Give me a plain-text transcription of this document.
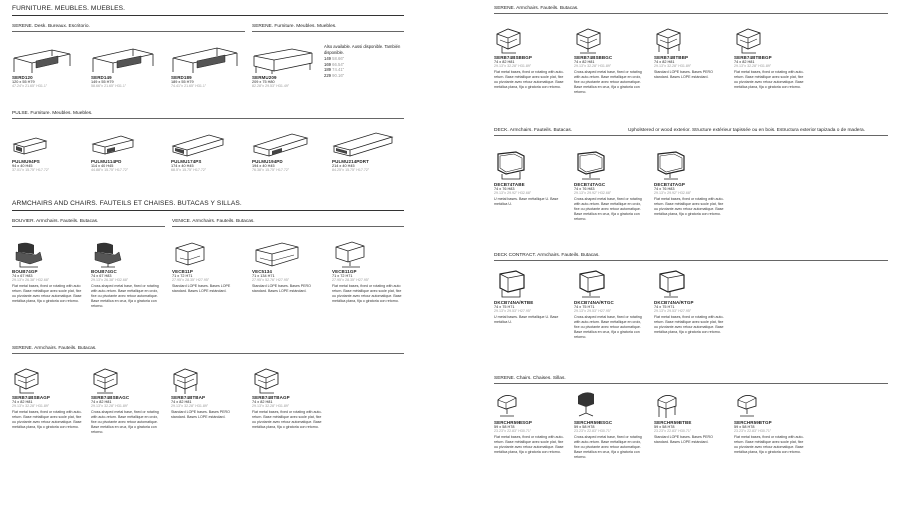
FURNITURE. MEUBLES. MUEBLES.
SERENE. Desk. Bureaux. Escritorio.	SERENE. Furniture. Meubles. Muebles.
SERD120
120 x 55 H79
47.24"x 21.65" H31.1"
SERD149
149 x 55 H79
58.66"x 21.65" H31.1"
SERD189
189 x 55 H79
74.41"x 21.65" H31.1"
SERMU209
209 x 75 H80
82.28"x 29.53" H31.49"
Also available. Aussi disponible. También disponible.
149 58.66"
169 66.54"
189 74.41"
229 90.16"
PULSE. Furniture. Meubles. Muebles.
PULMU94PS
94 x 40 H45
37.01"x 15.75" H17.72"
PULMU114PD
114 x 40 H45
44.88"x 15.75" H17.72"
PULMU174PS
174 x 40 H45
68.5"x 15.75" H17.72"
PULMU194PD
194 x 40 H45
76.38"x 15.75" H17.72"
PULMU214PDRT
214 x 40 H45
84.25"x 15.75" H17.72"
ARMCHAIRS AND CHAIRS. FAUTEILS ET CHAISES. BUTACAS Y SILLAS.
BOUVIER. Armchairs. Fauteils. Butacas.	VENICE. Armchairs. Fauteils. Butacas.
BOUB74GP
74 x 67 H83
29.13"x 26.38" H32.68"
Flat metal bases, fixed or rotating with auto return. Base métallique avec socle plat, fixe ou pivotante avec retour automatique. Base metálica plana, fija o giratoria con retorno.
BOUB74GC
74 x 67 H83
29.13"x 26.38" H32.68"
Cross-shaped metal base, fixed or rotating with auto-return. Base métallique en croix, fixe ou pivotante avec retour automatique. Base metálica en cruz, fija o giratoria con retorno.
VECB11P
71 x 72 H71
27.95"x 28.35" H27.95"
Standard LOPE bases. Bases LOPE standard. Bases LOPE estándard.
VEC5134
71 x 134 H71
27.95"x 52.76" H27.95"
Standard LOPE bases. Bases PERO standard. Bases LOPE estándard.
VECB11GP
71 x 72 H71
27.95"x 28.35" H27.95"
Flat metal bases, fixed or rotating with auto return. Base métallique avec socle plat, fixe ou pivotante avec retour automatique. Base metálica plana, fija o giratoria con retorno.
SERENE. Armchairs. Fauteils. Butacas.
SERB74BSBAGP
74 x 82 H81
29.13"x 32.28" H31.89"
Flat metal bases, fixed or rotating with auto-return. Base métallique avec socle plat, fixe ou pivotante avec retour automatique. Base metálica plana, fija o giratoria con retorno.
SERB74BSBAGC
74 x 82 H81
29.13"x 32.28" H31.89"
Cross-shaped metal base, fixed or rotating with auto-return. Base métallique en croix, fixe ou pivotante avec retour automatique. Base metálica en cruz, fija o giratoria con retorno.
SERB74BTBAP
74 x 82 H81
29.13"x 32.28" H31.89"
Standard LOPE bases. Bases PERO standard. Bases LOPE estándard.
SERB74BTBAGP
74 x 82 H81
29.13"x 32.28" H31.89"
Flat metal bases, fixed or rotating with auto-return. Base métallique avec socle plat, fixe ou pivotante avec retour automatique. Base metálica plana, fija o giratoria con retorno.
SERENE. Armchairs. Fauteils. Butacas.
SERB74BSBBGP
74 x 82 H81
29.13"x 32.28" H31.89"
Flat metal bases, fixed or rotating with auto-return. Base métallique avec socle plat, fixe ou pivotante avec retour automatique. Base metálica plana, fija o giratoria con retorno.
SERB74BSBBGC
74 x 82 H81
29.13"x 32.28" H31.89"
Cross-shaped metal base, fixed or rotating with auto-return. Base métallique en croix, fixe ou pivotante avec retour automatique. Base metálica en cruz, fija o giratoria con retorno.
SERB74BTBBP
74 x 82 H81
29.13"x 32.28" H31.89"
Standard LOPE bases. Bases PERO standard. Bases LOPE estándard.
SERB74BTBBGP
74 x 82 H81
29.13"x 32.28" H31.89"
Flat metal bases, fixed or rotating with auto-return. Base métallique avec socle plat, fixe ou pivotante avec retour automatique. Base metálica plana, fija o giratoria con retorno.
DECK. Armchairs. Fauteils. Butacas.	Upholstered or wood exterior. Structure extérieur tapissée ou en bois. Estructura exterior tapizada o de madera.
DECB74TABE
74 x 76 H83
29.13"x 29.92" H32.68"
U metal bases. Base métallique U. Base metálica U.
DECB74TAGC
74 x 76 H83
29.13"x 29.92" H32.68"
Cross-shaped metal base, fixed or rotating with auto-return. Base métallique en croix, fixe ou pivotante avec retour automatique. Base metálica en cruz, fija o giratoria con retorno.
DECB74TAGP
74 x 76 H83
29.13"x 29.92" H32.68"
Flat metal bases, fixed or rotating with auto-return. Base métallique avec socle plat, fixe ou pivotante avec retour automatique. Base metálica plana, fija o giratoria con retorno.
DECK CONTRACT. Armchairs. Fauteils. Butacas.
DKCB74NA/RTBE
74 x 75 H71
29.13"x 29.53" H27.95"
U metal bases. Base métallique U. Base metálica U.
DKCB74NA/RTGC
74 x 75 H71
29.13"x 29.53" H27.95"
Cross-shaped metal base, fixed or rotating with auto-return. Base métallique en croix, fixe ou pivotante avec retour automatique. Base metálica en cruz, fija o giratoria con retorno.
DKCB74NA/RTGP
74 x 75 H71
29.13"x 29.53" H27.95"
Flat metal bases, fixed or rotating with auto-return. Base métallique avec socle plat, fixe ou pivotante avec retour automatique. Base metálica plana, fija o giratoria con retorno.
SERENE. Chairs. Chaises. Sillas.
SERCHR59BSGP
59 x 58 H78
23.23"x 22.83" H30.71"
Flat metal bases, fixed or rotating with auto-return. Base métallique avec socle plat, fixe ou pivotante avec retour automatique. Base metálica plana, fija o giratoria con retorno.
SERCHR59BSGC
59 x 58 H78
23.23"x 22.83" H30.71"
Cross-shaped metal base, fixed or rotating with auto-return. Base métallique en croix, fixe ou pivotante avec retour automatique. Base metálica en cruz, fija o giratoria con retorno.
SERCHR59BTBE
59 x 58 H78
23.23"x 22.83" H30.71"
Standard LOPE bases. Bases PERO standard. Bases LOPE estándard.
SERCHR59BTGP
59 x 58 H78
23.23"x 22.83" H30.71"
Flat metal bases, fixed or rotating with auto-return. Base métallique avec socle plat, fixe ou pivotante avec retour automatique. Base metálica plana, fija o giratoria con retorno.
